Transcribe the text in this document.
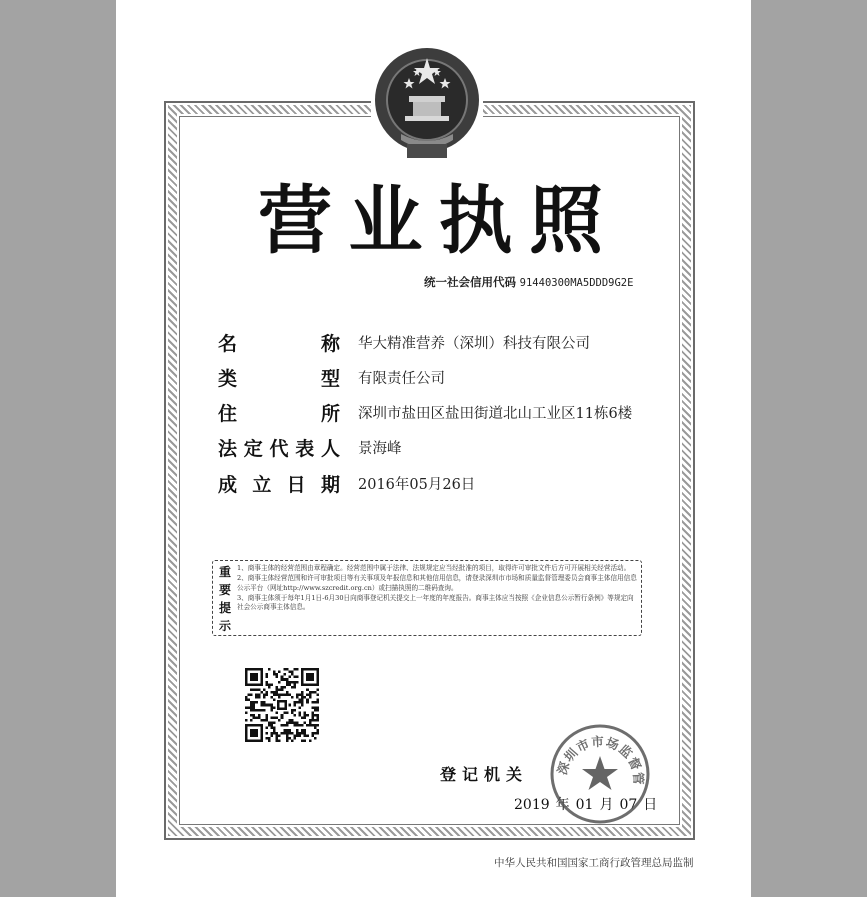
营 业 执 照
统一社会信用代码 91440300MA5DDD9G2E
名	称 华大精准营养（深圳）科技有限公司
类	型 有限责任公司
住	所 深圳市盐田区盐田街道北山工业区11栋6楼
法 定 代 表 人 景海峰
成 立 日 期 2016年05月26日
重
要
提
示

1、商事主体的经营范围由章程确定。经营范围中属于法律、法规规定应当经批准的项目，取得许可审批文件后方可开展相关经营活动。

2、商事主体经营范围和许可审批项目等有关事项及年报信息和其他信用信息，请登录深圳市市场和质量监督管理委员会商事主体信用信息公示平台（网址http://www.szcredit.org.cn）或扫描执照的二维码查询。

3、商事主体须于每年1月1日-6月30日向商事登记机关提交上一年度的年度报告。商事主体应当按照《企业信息公示暂行条例》等规定向社会公示商事主体信息。

登记机关
2019 年 01 月 07 日
深圳市市场监督管
中华人民共和国国家工商行政管理总局监制
